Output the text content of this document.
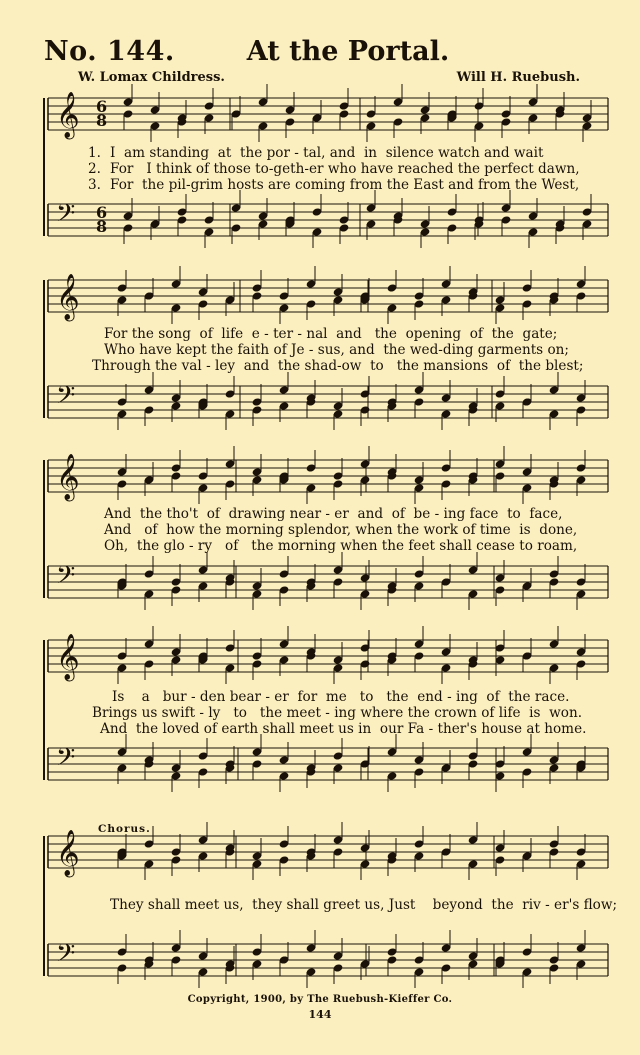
No. 144.	At the Portal.
W. Lomax Childress.	Will H. Ruebush.
𝄞
𝄢
𝄞
𝄢
𝄞
𝄢
𝄞
𝄢
𝄞
𝄢
6
6
8
8
1. I  am standing  at  the por - tal, and  in  silence watch and wait
2. For   I think of those to-geth-er who have reached the perfect dawn,
3. For  the pil-grim hosts are coming from the East and from the West,
For the song  of  life  e - ter - nal  and   the  opening  of  the  gate;
Who have kept the faith of Je - sus, and  the wed-ding garments on;
Through the val - ley  and  the shad-ow  to   the mansions  of  the blest;
And  the tho't  of  drawing near - er  and  of  be - ing face  to  face,
And   of  how the morning splendor, when the work of time  is  done,
Oh,  the glo - ry   of   the morning when the feet shall cease to roam,
Is    a   bur - den bear - er  for  me   to   the  end - ing  of  the race.
Brings us swift - ly   to   the meet - ing where the crown of life  is  won.
And  the loved of earth shall meet us in  our Fa - ther's house at home.
Chorus.
They shall meet us,  they shall greet us, Just    beyond  the  riv - er's flow;
Copyright, 1900, by The Ruebush-Kieffer Co.
144
